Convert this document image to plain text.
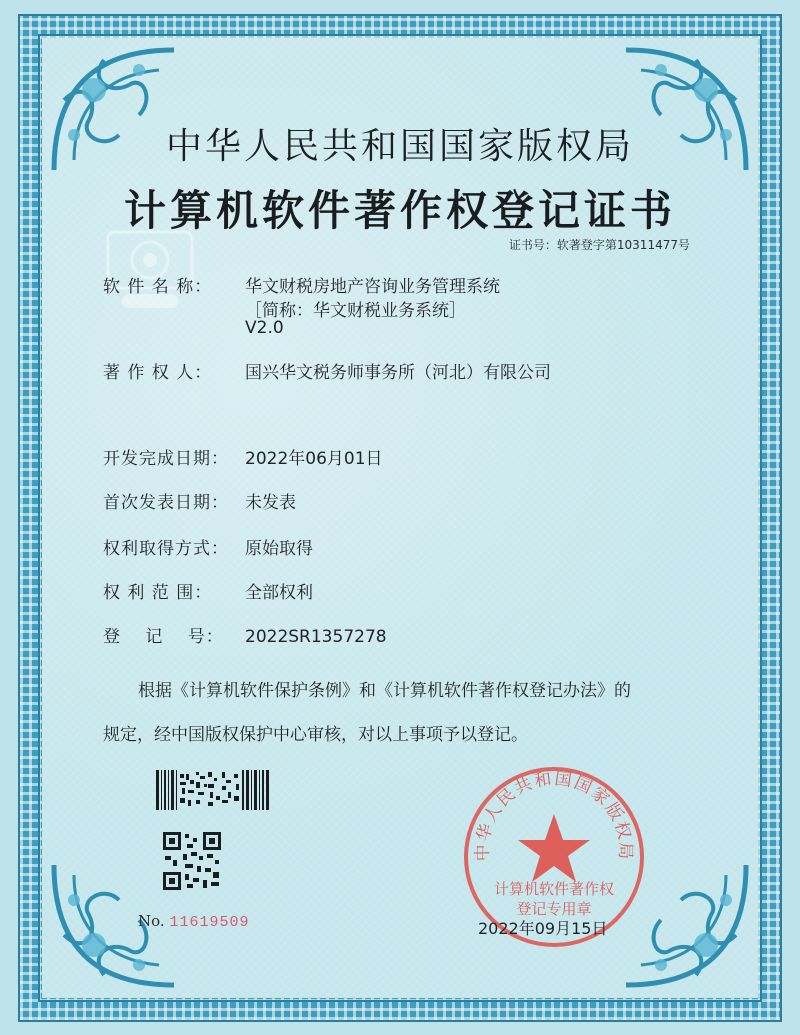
中华人民共和国国家版权局
计算机软件著作权登记证书
证书号：软著登字第10311477号
软 件 名 称： 华文财税房地产咨询业务管理系统
［简称：华文财税业务系统］
V2.0
著 作 权 人： 国兴华文税务师事务所（河北）有限公司
开发完成日期： 2022年06月01日
首次发表日期： 未发表
权利取得方式： 原始取得
权 利 范 围： 全部权利
登　 记　 号： 2022SR1357278
根据《计算机软件保护条例》和《计算机软件著作权登记办法》的
规定，经中国版权保护中心审核，对以上事项予以登记。
No. 11619509
中华人民共和国国家版权局
计算机软件著作权
登记专用章
2022年09月15日
